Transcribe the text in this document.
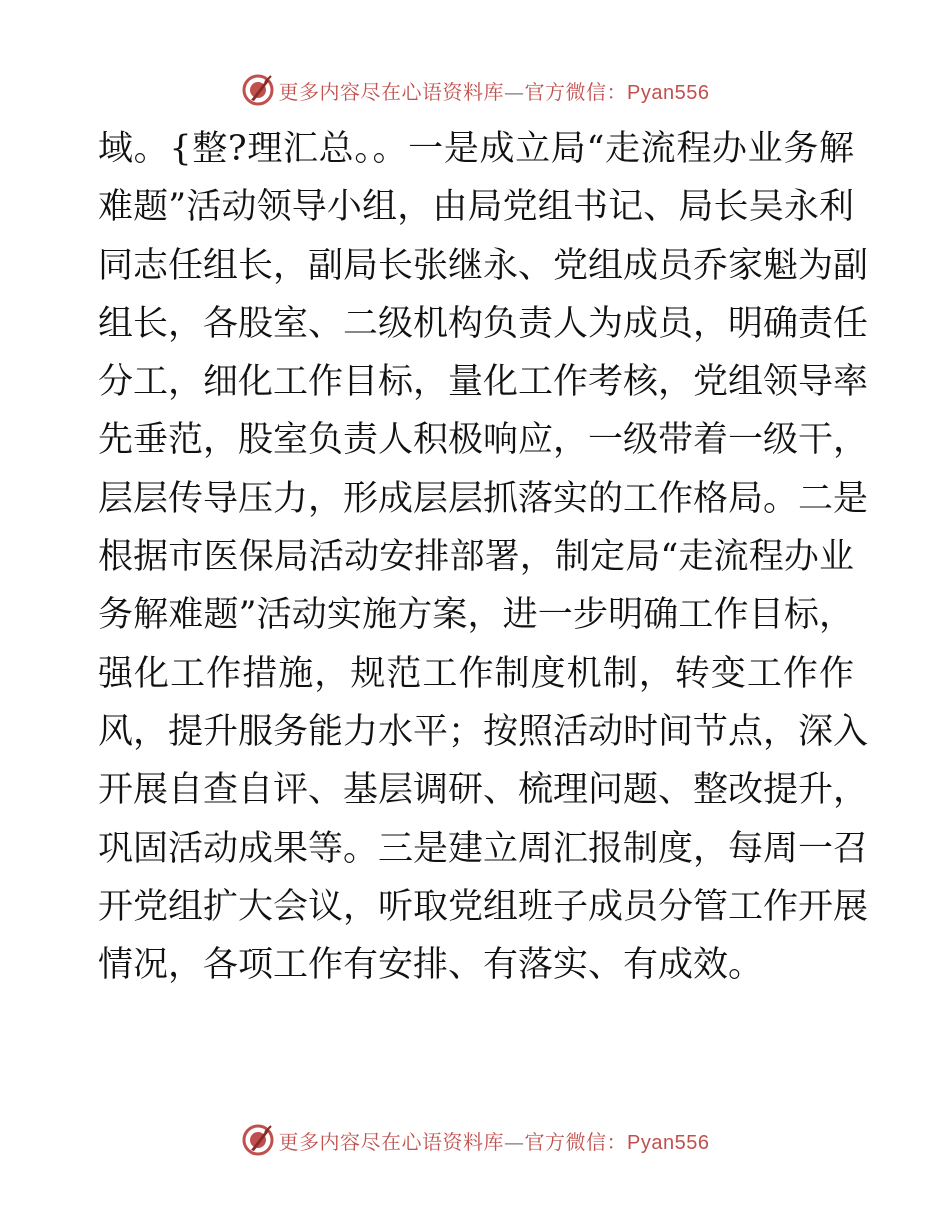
更多内容尽在心语资料库—官方微信：Pyan556
域。{整?理汇总。。一是成立局“走流程办业务解
难题”活动领导小组，由局党组书记、局长吴永利
同志任组长，副局长张继永、党组成员乔家魁为副
组长，各股室、二级机构负责人为成员，明确责任
分工，细化工作目标，量化工作考核，党组领导率
先垂范，股室负责人积极响应，一级带着一级干，
层层传导压力，形成层层抓落实的工作格局。二是
根据市医保局活动安排部署，制定局“走流程办业
务解难题”活动实施方案，进一步明确工作目标，
强化工作措施，规范工作制度机制，转变工作作
风，提升服务能力水平；按照活动时间节点，深入
开展自查自评、基层调研、梳理问题、整改提升，
巩固活动成果等。三是建立周汇报制度，每周一召
开党组扩大会议，听取党组班子成员分管工作开展
情况，各项工作有安排、有落实、有成效。
更多内容尽在心语资料库—官方微信：Pyan556
